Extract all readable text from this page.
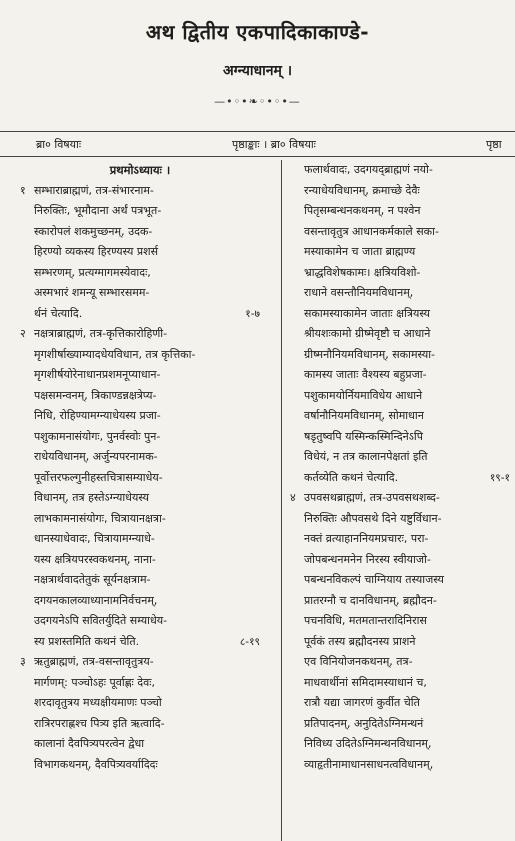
अथ द्वितीय एकपादिकाकाण्डे-
अग्न्याधानम् ।
—•◦•❧◦•◦•—
ब्रा० विषयाः	पृष्ठाङ्काः । ब्रा० विषयाः	पृष्ठा
प्रथमोऽध्यायः ।
१ सम्भाराब्राह्मणं, तत्र-संभारनाम-
निरुक्तिः, भूमौदाना अर्थं पत्रभूत-
स्कारोपलं शकमुच्छनम्, उदक-
हिरण्यो व्यकस्य हिरण्यस्य प्रशर्स
सम्भरणम्, प्रत्यग्मागमस्येवादः,
अस्मभारं शमन्यू सम्भारसमम-
र्थनं चेत्यादि.	१-७
२ नक्षत्राब्राह्मणं, तत्र-कृत्तिकारोहिणी-
मृगशीर्षाख्याम्यादधेयविधान, तत्र कृत्तिका-
मृगशीर्षयोरेनाधानप्रशमनूप्याधान-
पक्षसमन्वनम्, त्रिकाण्डन्नक्षत्रेप्य-
निधि, रोहिण्यामग्न्याधेयस्य प्रजा-
पशुकामनासंयोगः, पुनर्वस्वोः पुन-
राधेयविधानम्, अर्जुन्यपरनामक-
पूर्वोत्तरफल्गुनीहस्तचित्रासम्याधेय-
विधानम्, तत्र हस्तेऽग्न्याधेयस्य
लाभकामनासंयोगः, चित्रायानक्षत्रा-
धानस्याधेवादः, चित्रायामग्न्याधे-
यस्य क्षत्रियपरस्वकथनम्, नाना-
नक्षत्रार्थवादतेतुकं सूर्यनक्षत्राम-
दगयनकालव्याध्यानामनिर्वचनम्,
उदगयनेऽपि सवितर्युदिते सम्याधेय-
स्य प्रशस्तमिति कथनं चेति.	८-१९
३ ऋतुब्राह्मणं, तत्र-वसन्तावृतुत्रय-
मार्गणम्: पञ्चोऽहः पूर्वाह्णः देवः,
शरदावृतुत्रय मध्यक्षीयमाणः पञ्चो
रात्रिरपराह्णश्च पित्र्य इति ऋत्वादि-
कालानां दैवपित्र्यपरत्वेन द्वेधा
विभागकथनम्, दैवपित्र्यवर्यादिदः
फलार्थवादः, उदगयद्ब्राह्मणं नयो-
रन्याधेयविधानम्, क्रमाच्छे देवैः
पितृसम्बन्धनकथनम्, न पश्वेन
वसन्तावृतुत्र आधानकर्मकाले सका-
मस्याकामेन च जाता ब्राह्मण्य
भ्राद्धविशेषकामः। क्षत्रियविशो-
राधाने वसन्तौनियमविधानम्,
सकामस्याकामेन जाताः क्षत्रियस्य
श्रीयशःकामो ग्रीष्मेवृष्टौ च आधाने
ग्रीष्मनौनियमविधानम्, सकामस्या-
कामस्य जाताः वैश्यस्य बहुप्रजा-
पशुकामयोर्नियमाविधेय आधाने
वर्षानौनियमविधानम्, सोमाधान
षडृतुष्वपि यस्मिन्कस्मिन्दिनेऽपि
विधेयं, न तत्र कालानपेक्षतां इति
कर्तव्येति कथनं चेत्यादि.	१९-१
४ उपवसथब्राह्मणं, तत्र-उपवसथशब्द-
निरुक्तिः औपवसथे दिने यष्टुर्विधान-
नक्तं व्रत्याहाननियमप्रचारः, परा-
जोपबन्धनमनेन निरस्य स्वीयाजो-
पबन्धनविकल्पं चाग्नियाय तस्याजस्य
प्रातरग्नौ च दानविधानम्, ब्रह्मौदन-
पचनविधि, मतमतान्तरादिनिरास
पूर्वकं तस्य ब्रह्मौदनस्य प्राशने
एव विनियोजनकथनम्, तत्र-
माधवार्थीनां समिदामस्याधानं च,
रात्रौ यद्या जागरणं कुर्वीत चेति
प्रतिपादनम्, अनुदितेऽग्निमन्थनं
निविध्य उदितेऽग्निमन्थनविधानम्,
व्याहृतीनामाधानसाधनत्वविधानम्,
